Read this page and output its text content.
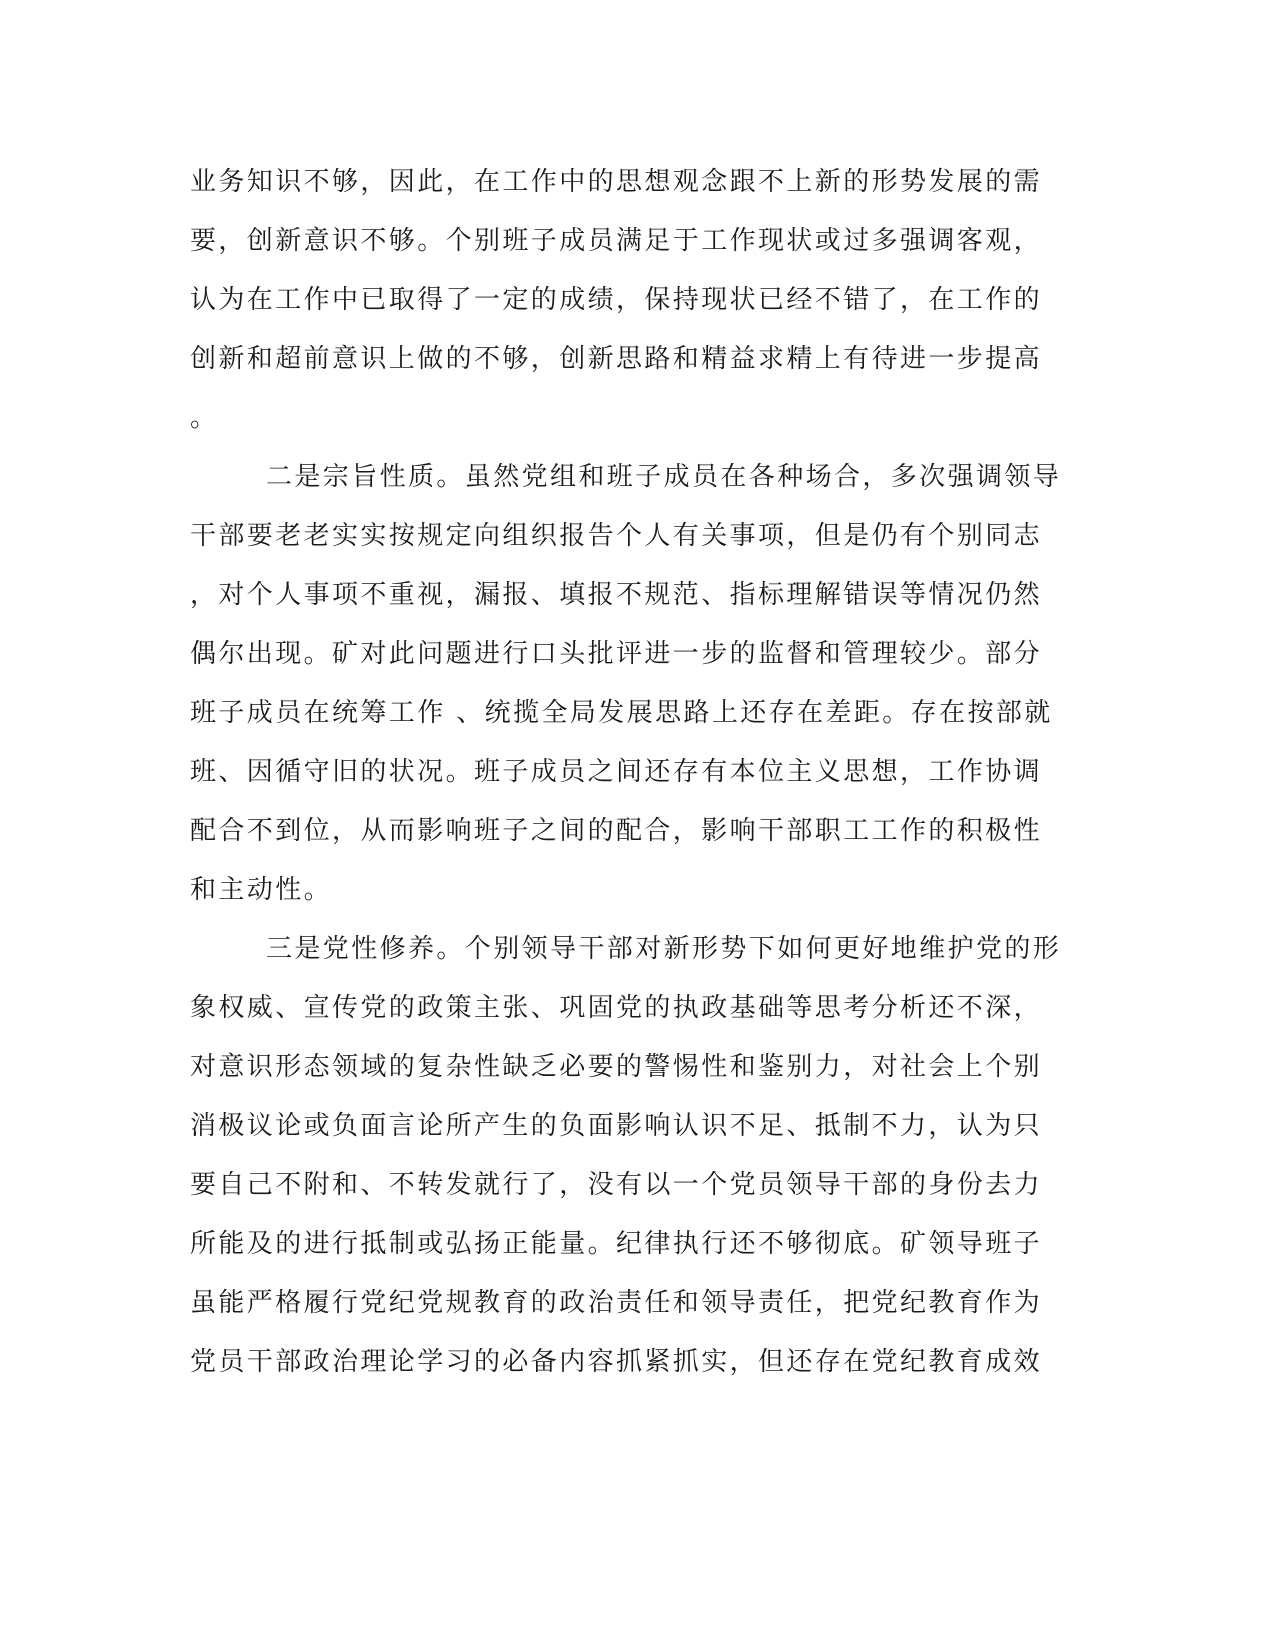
业务知识不够，因此，在工作中的思想观念跟不上新的形势发展的需
要，创新意识不够。个别班子成员满足于工作现状或过多强调客观，
认为在工作中已取得了一定的成绩，保持现状已经不错了，在工作的
创新和超前意识上做的不够，创新思路和精益求精上有待进一步提高
。
二是宗旨性质。虽然党组和班子成员在各种场合，多次强调领导
干部要老老实实按规定向组织报告个人有关事项，但是仍有个别同志
，对个人事项不重视，漏报、填报不规范、指标理解错误等情况仍然
偶尔出现。矿对此问题进行口头批评进一步的监督和管理较少。部分
班子成员在统筹工作 、统揽全局发展思路上还存在差距。存在按部就
班、因循守旧的状况。班子成员之间还存有本位主义思想，工作协调
配合不到位，从而影响班子之间的配合，影响干部职工工作的积极性
和主动性。
三是党性修养。个别领导干部对新形势下如何更好地维护党的形
象权威、宣传党的政策主张、巩固党的执政基础等思考分析还不深，
对意识形态领域的复杂性缺乏必要的警惕性和鉴别力，对社会上个别
消极议论或负面言论所产生的负面影响认识不足、抵制不力，认为只
要自己不附和、不转发就行了，没有以一个党员领导干部的身份去力
所能及的进行抵制或弘扬正能量。纪律执行还不够彻底。矿领导班子
虽能严格履行党纪党规教育的政治责任和领导责任，把党纪教育作为
党员干部政治理论学习的必备内容抓紧抓实，但还存在党纪教育成效
